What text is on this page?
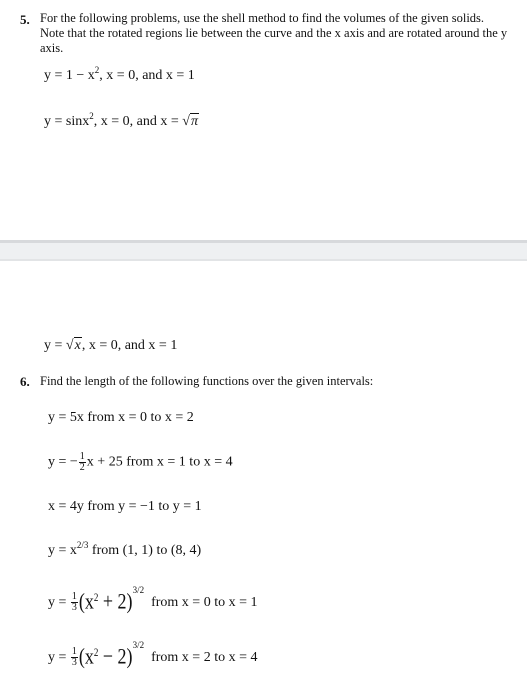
5. For the following problems, use the shell method to find the volumes of the given solids. Note that the rotated regions lie between the curve and the x axis and are rotated around the y axis.
$y = 1 - x^2$, x = 0, and x = 1
y = sinx$^2$, x = 0, and x = √π
y = √x, x = 0, and x = 1
6. Find the length of the following functions over the given intervals:
y = 5x from x = 0 to x = 2
y = − $\frac{1}{2}$ x + 25 from x = 1 to x = 4
x = 4y from y = −1 to y = 1
$y = x^{2/3}$ from (1, 1) to (8, 4)
$y = \frac{1}{3} (x^2 + 2)3/2$  from x = 0 to x = 1
$y = \frac{1}{3} (x^2 - 2)3/2$  from x = 2 to x = 4
